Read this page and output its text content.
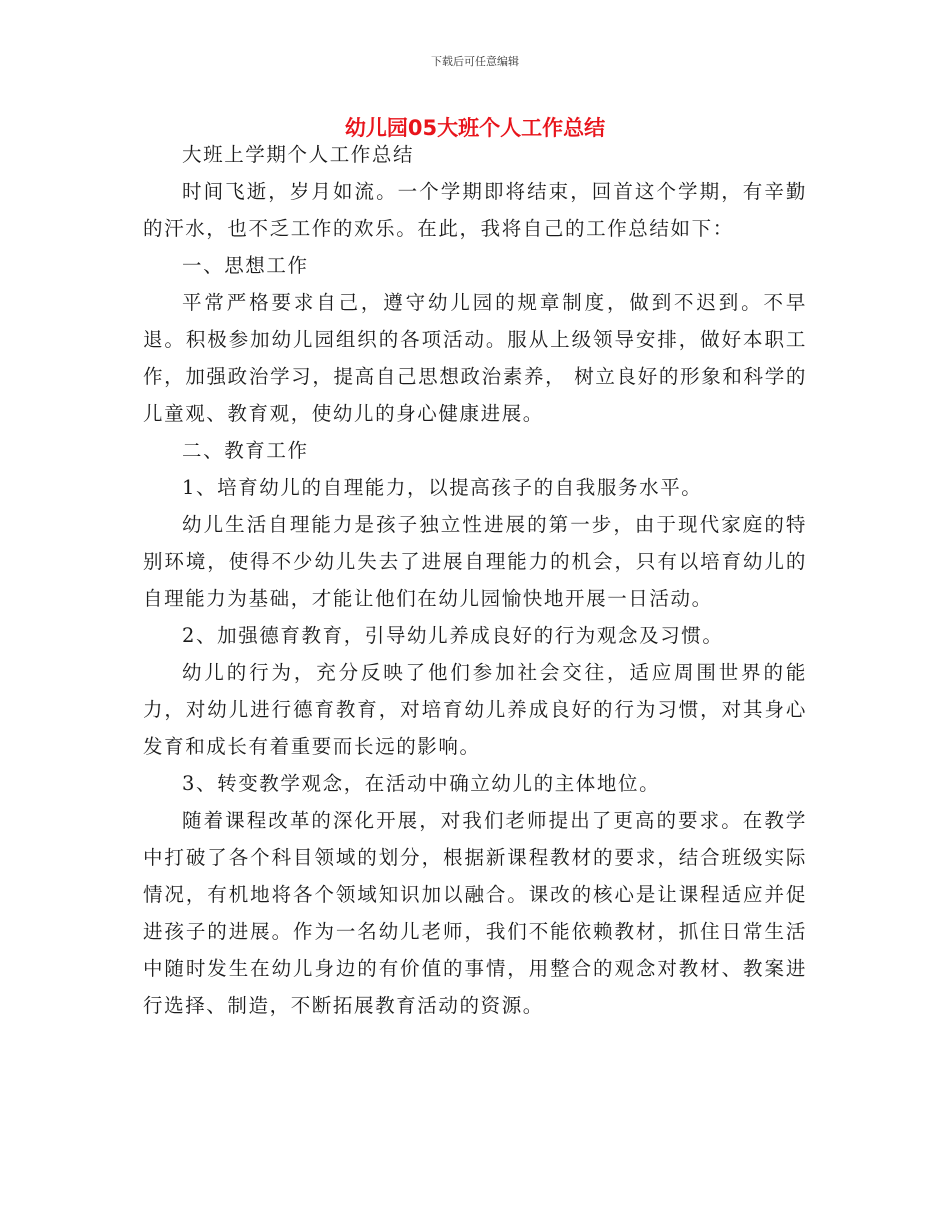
下载后可任意编辑
幼儿园05大班个人工作总结

大班上学期个人工作总结

时间飞逝，岁月如流。一个学期即将结束，回首这个学期，有辛勤的汗水，也不乏工作的欢乐。在此，我将自己的工作总结如下：

一、思想工作

平常严格要求自己，遵守幼儿园的规章制度，做到不迟到。不早退。积极参加幼儿园组织的各项活动。服从上级领导安排，做好本职工作，加强政治学习，提高自己思想政治素养， 树立良好的形象和科学的儿童观、教育观，使幼儿的身心健康进展。

二、教育工作

1、培育幼儿的自理能力，以提高孩子的自我服务水平。

幼儿生活自理能力是孩子独立性进展的第一步，由于现代家庭的特别环境，使得不少幼儿失去了进展自理能力的机会，只有以培育幼儿的自理能力为基础，才能让他们在幼儿园愉快地开展一日活动。

2、加强德育教育，引导幼儿养成良好的行为观念及习惯。

幼儿的行为，充分反映了他们参加社会交往，适应周围世界的能力，对幼儿进行德育教育，对培育幼儿养成良好的行为习惯，对其身心发育和成长有着重要而长远的影响。

3、转变教学观念，在活动中确立幼儿的主体地位。

随着课程改革的深化开展，对我们老师提出了更高的要求。在教学中打破了各个科目领域的划分，根据新课程教材的要求，结合班级实际情况，有机地将各个领域知识加以融合。课改的核心是让课程适应并促进孩子的进展。作为一名幼儿老师，我们不能依赖教材，抓住日常生活中随时发生在幼儿身边的有价值的事情，用整合的观念对教材、教案进行选择、制造，不断拓展教育活动的资源。
